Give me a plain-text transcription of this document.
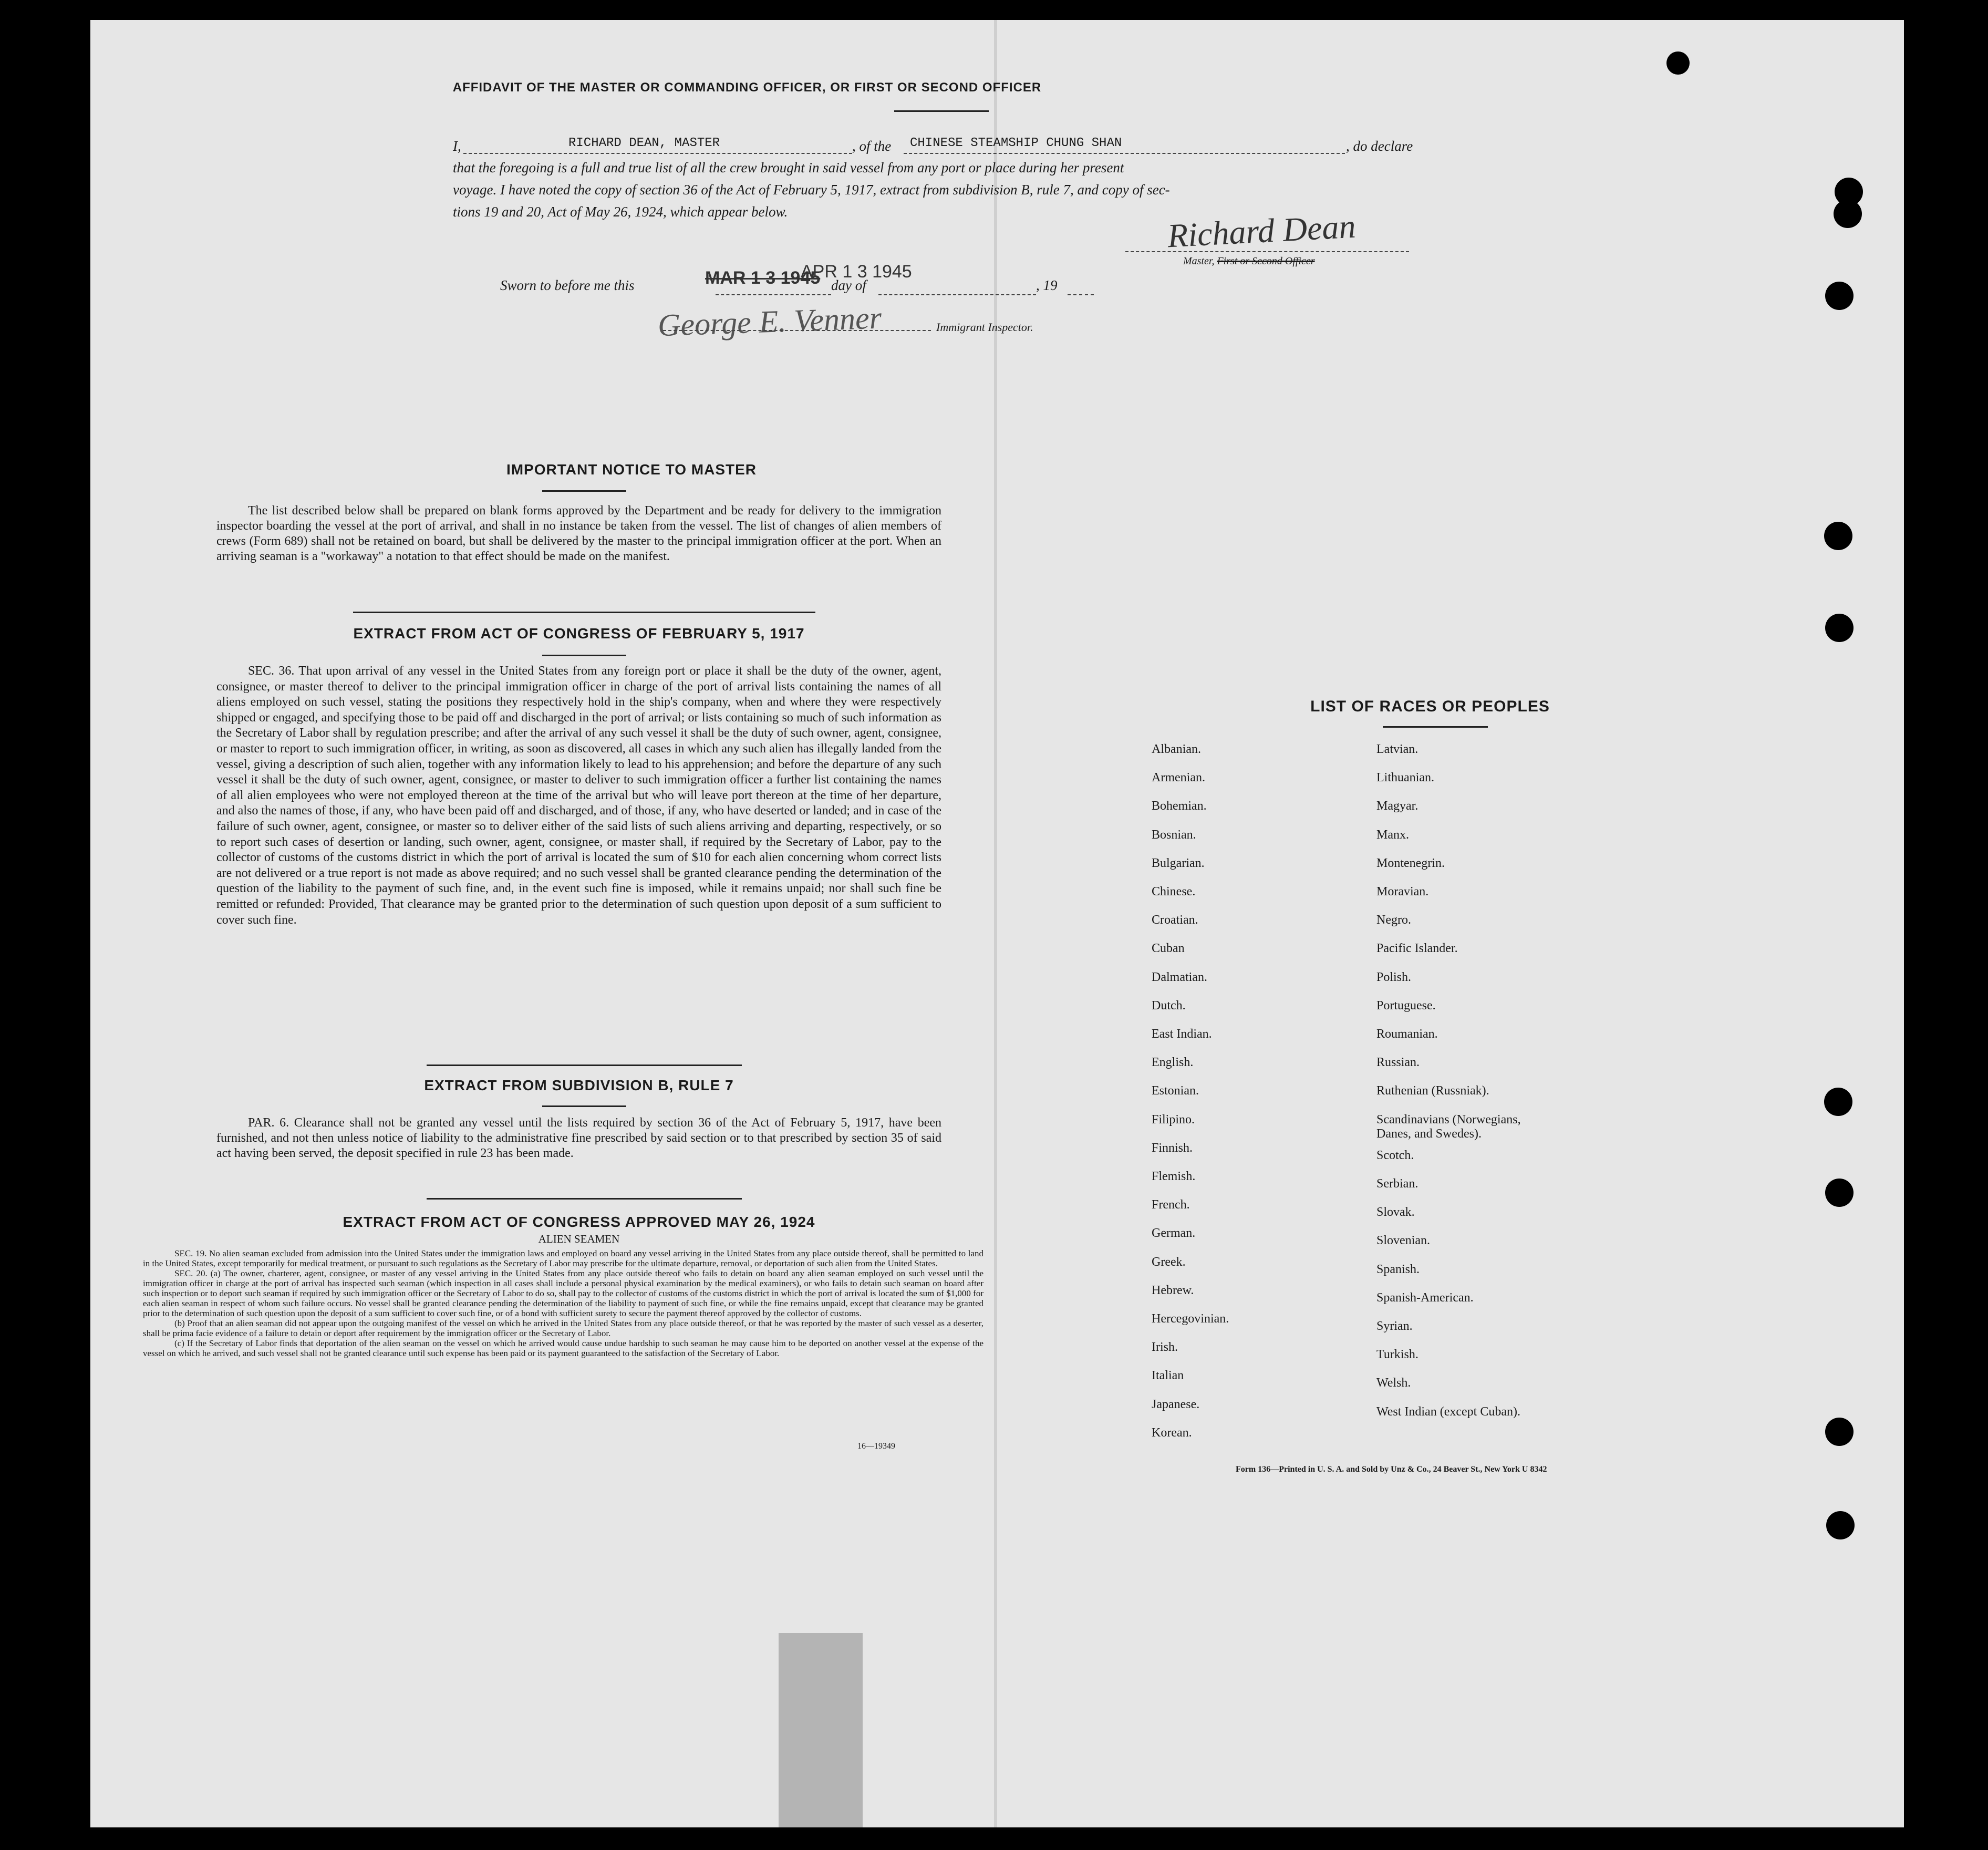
AFFIDAVIT OF THE MASTER OR COMMANDING OFFICER, OR FIRST OR SECOND OFFICER
I,	RICHARD DEAN, MASTER	, of the CHINESE STEAMSHIP CHUNG SHAN	, do declare
that the foregoing is a full and true list of all the crew brought in said vessel from any port or place during her present
voyage. I have noted the copy of section 36 of the Act of February 5, 1917, extract from subdivision B, rule 7, and copy of sec-
tions 19 and 20, Act of May 26, 1924, which appear below.	Richard Dean
Master, First or Second Officer
Sworn to before me this	MAR 1 3 1945
APR 1 3 1945
day of	, 19
George E. Venner	Immigrant Inspector.
IMPORTANT NOTICE TO MASTER
The list described below shall be prepared on blank forms approved by the Department and be ready for delivery to the immigration inspector boarding the vessel at the port of arrival, and shall in no instance be taken from the vessel. The list of changes of alien members of crews (Form 689) shall not be retained on board, but shall be delivered by the master to the principal immigration officer at the port. When an arriving seaman is a "workaway" a notation to that effect should be made on the manifest.
EXTRACT FROM ACT OF CONGRESS OF FEBRUARY 5, 1917
SEC. 36. That upon arrival of any vessel in the United States from any foreign port or place it shall be the duty of the owner, agent, consignee, or master thereof to deliver to the principal immigration officer in charge of the port of arrival lists containing the names of all aliens employed on such vessel, stating the positions they respectively hold in the ship's company, when and where they were respectively shipped or engaged, and specifying those to be paid off and discharged in the port of arrival; or lists containing so much of such information as the Secretary of Labor shall by regulation prescribe; and after the arrival of any such vessel it shall be the duty of such owner, agent, consignee, or master to report to such immigration officer, in writing, as soon as discovered, all cases in which any such alien has illegally landed from the vessel, giving a description of such alien, together with any information likely to lead to his apprehension; and before the departure of any such vessel it shall be the duty of such owner, agent, consignee, or master to deliver to such immigration officer a further list containing the names of all alien employees who were not employed thereon at the time of the arrival but who will leave port thereon at the time of her departure, and also the names of those, if any, who have been paid off and discharged, and of those, if any, who have deserted or landed; and in case of the failure of such owner, agent, consignee, or master so to deliver either of the said lists of such aliens arriving and departing, respectively, or so to report such cases of desertion or landing, such owner, agent, consignee, or master shall, if required by the Secretary of Labor, pay to the collector of customs of the customs district in which the port of arrival is located the sum of $10 for each alien concerning whom correct lists are not delivered or a true report is not made as above required; and no such vessel shall be granted clearance pending the determination of the question of the liability to the payment of such fine, and, in the event such fine is imposed, while it remains unpaid; nor shall such fine be remitted or refunded: Provided, That clearance may be granted prior to the determination of such question upon deposit of a sum sufficient to cover such fine.
EXTRACT FROM SUBDIVISION B, RULE 7
PAR. 6. Clearance shall not be granted any vessel until the lists required by section 36 of the Act of February 5, 1917, have been furnished, and not then unless notice of liability to the administrative fine prescribed by said section or to that prescribed by section 35 of said act having been served, the deposit specified in rule 23 has been made.
EXTRACT FROM ACT OF CONGRESS APPROVED MAY 26, 1924
ALIEN SEAMEN
SEC. 19. No alien seaman excluded from admission into the United States under the immigration laws and employed on board any vessel arriving in the United States from any place outside thereof, shall be permitted to land in the United States, except temporarily for medical treatment, or pursuant to such regulations as the Secretary of Labor may prescribe for the ultimate departure, removal, or deportation of such alien from the United States.
SEC. 20. (a) The owner, charterer, agent, consignee, or master of any vessel arriving in the United States from any place outside thereof who fails to detain on board any alien seaman employed on such vessel until the immigration officer in charge at the port of arrival has inspected such seaman (which inspection in all cases shall include a personal physical examination by the medical examiners), or who fails to detain such seaman on board after such inspection or to deport such seaman if required by such immigration officer or the Secretary of Labor to do so, shall pay to the collector of customs of the customs district in which the port of arrival is located the sum of $1,000 for each alien seaman in respect of whom such failure occurs. No vessel shall be granted clearance pending the determination of the liability to payment of such fine, or while the fine remains unpaid, except that clearance may be granted prior to the determination of such question upon the deposit of a sum sufficient to cover such fine, or of a bond with sufficient surety to secure the payment thereof approved by the collector of customs.
(b) Proof that an alien seaman did not appear upon the outgoing manifest of the vessel on which he arrived in the United States from any place outside thereof, or that he was reported by the master of such vessel as a deserter, shall be prima facie evidence of a failure to detain or deport after requirement by the immigration officer or the Secretary of Labor.
(c) If the Secretary of Labor finds that deportation of the alien seaman on the vessel on which he arrived would cause undue hardship to such seaman he may cause him to be deported on another vessel at the expense of the vessel on which he arrived, and such vessel shall not be granted clearance until such expense has been paid or its payment guaranteed to the satisfaction of the Secretary of Labor.
16—19349
LIST OF RACES OR PEOPLES
Albanian.
Armenian.
Bohemian.
Bosnian.
Bulgarian.
Chinese.
Croatian.
Cuban
Dalmatian.
Dutch.
East Indian.
English.
Estonian.
Filipino.
Finnish.
Flemish.
French.
German.
Greek.
Hebrew.
Hercegovinian.
Irish.
Italian
Japanese.
Korean.
Latvian.
Lithuanian.
Magyar.
Manx.
Montenegrin.
Moravian.
Negro.
Pacific Islander.
Polish.
Portuguese.
Roumanian.
Russian.
Ruthenian (Russniak).
Scandinavians (Norwegians,
Danes, and Swedes).
Scotch.
Serbian.
Slovak.
Slovenian.
Spanish.
Spanish-American.
Syrian.
Turkish.
Welsh.
West Indian (except Cuban).
Form 136—Printed in U. S. A. and Sold by Unz & Co., 24 Beaver St., New York U 8342
